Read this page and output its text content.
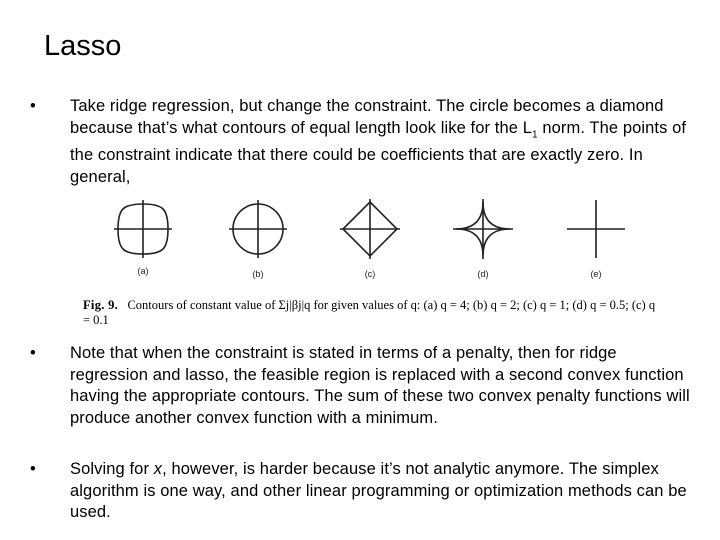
Lasso
• Take ridge regression, but change the constraint. The circle becomes a diamond because that’s what contours of equal length look like for the $L_1$ norm. The points of the constraint indicate that there could be coefficients that are exactly zero. In general,
(a)	(b)	(c)	(d)	(e)
Fig. 9. Contours of constant value of Σj|βj|q for given values of q: (a) q = 4; (b) q = 2; (c) q = 1; (d) q = 0.5; (c) q = 0.1
• Note that when the constraint is stated in terms of a penalty, then for ridge regression and lasso, the feasible region is replaced with a second convex function having the appropriate contours. The sum of these two convex penalty functions will produce another convex function with a minimum.
• Solving for x, however, is harder because it’s not analytic anymore. The simplex algorithm is one way, and other linear programming or optimization methods can be used.
